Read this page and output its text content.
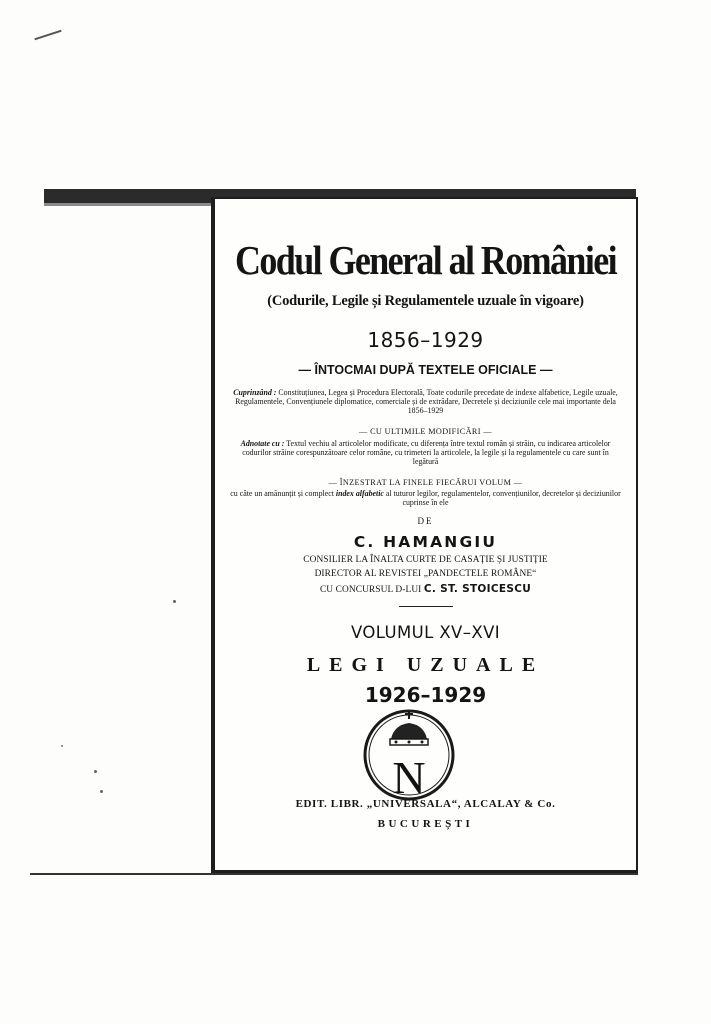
Codul General al României
(Codurile, Legile și Regulamentele uzuale în vigoare)
1856–1929
— ÎNTOCMAI DUPĂ TEXTELE OFICIALE —
Cuprinzând : Constituțiunea, Legea și Procedura Electorală, Toate codurile precedate de indexe alfabetice, Legile uzuale, Regulamentele, Convențiunele diplomatice, comerciale și de extrădare, Decretele și deciziunile cele mai importante dela 1856–1929
— CU ULTIMILE MODIFICĂRI —
Adnotate cu : Textul vechiu al articolelor modificate, cu diferența între textul român și străin, cu indicarea articolelor codurilor străine corespunzătoare celor române, cu trimeteri la articolele, la legile și la regulamentele cu care sunt în legătură
— ÎNZESTRAT LA FINELE FIECĂRUI VOLUM —
cu câte un amănunțit și complect index alfabetic al tuturor legilor, regulamentelor, convențiunilor, decretelor și deciziunilor cuprinse în ele
DE
C. HAMANGIU
CONSILIER LA ÎNALTA CURTE DE CASAȚIE ȘI JUSTIȚIE
DIRECTOR AL REVISTEI „PANDECTELE ROMÂNE“
CU CONCURSUL D-LUI C. ST. STOICESCU
VOLUMUL XV–XVI
LEGI UZUALE
1926–1929
N
EDIT. LIBR. „UNIVERSALA“, ALCALAY & Co.
BUCUREȘTI
